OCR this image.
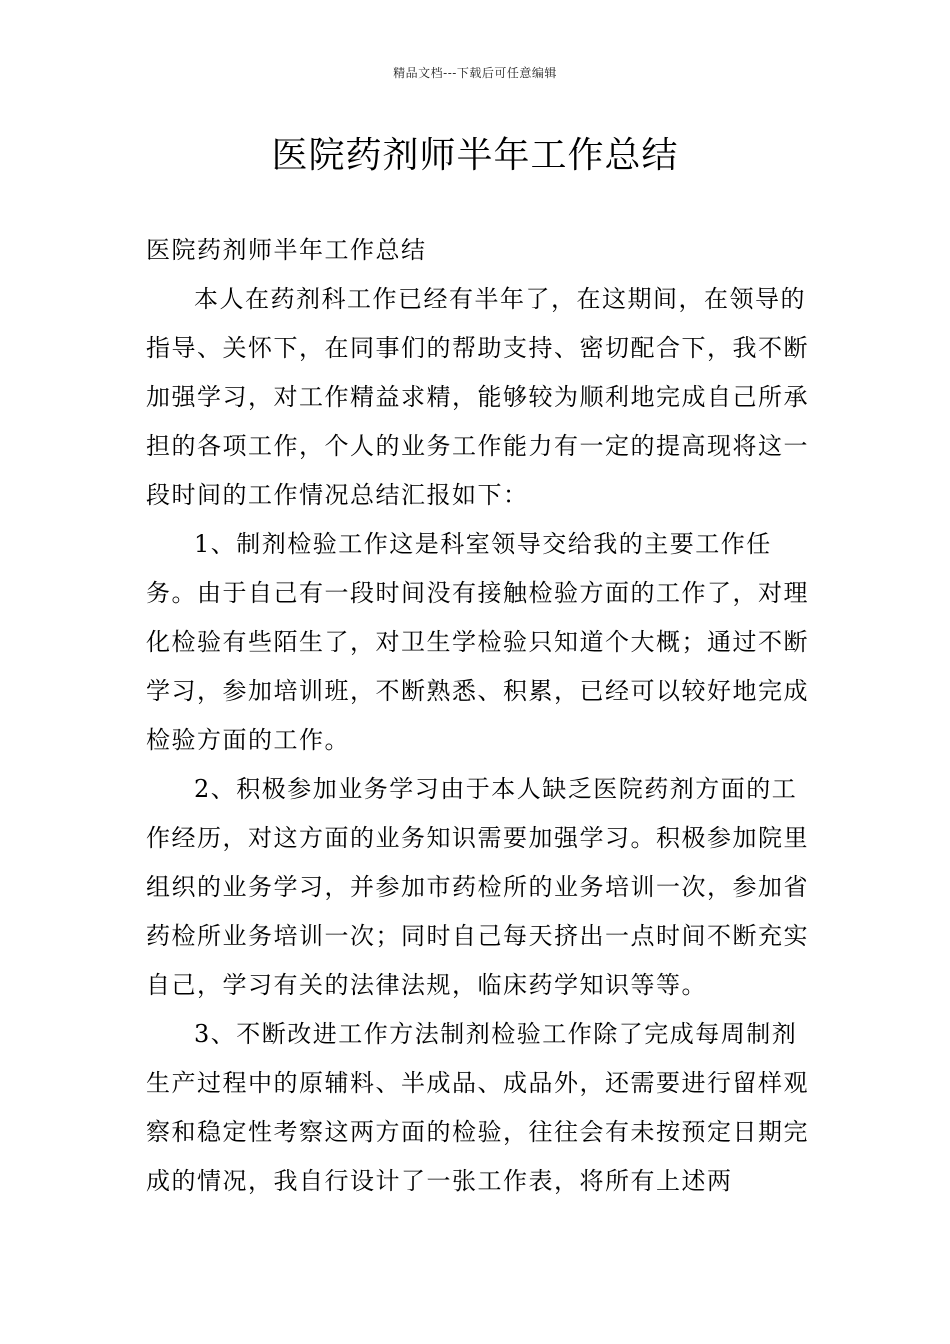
精品文档---下载后可任意编辑
医院药剂师半年工作总结

医院药剂师半年工作总结

本人在药剂科工作已经有半年了，在这期间，在领导的指导、关怀下，在同事们的帮助支持、密切配合下，我不断加强学习，对工作精益求精，能够较为顺利地完成自己所承担的各项工作，个人的业务工作能力有一定的提高现将这一段时间的工作情况总结汇报如下：

1、制剂检验工作这是科室领导交给我的主要工作任务。由于自己有一段时间没有接触检验方面的工作了，对理化检验有些陌生了，对卫生学检验只知道个大概；通过不断学习，参加培训班，不断熟悉、积累，已经可以较好地完成检验方面的工作。

2、积极参加业务学习由于本人缺乏医院药剂方面的工作经历，对这方面的业务知识需要加强学习。积极参加院里组织的业务学习，并参加市药检所的业务培训一次，参加省药检所业务培训一次；同时自己每天挤出一点时间不断充实自己，学习有关的法律法规，临床药学知识等等。

3、不断改进工作方法制剂检验工作除了完成每周制剂生产过程中的原辅料、半成品、成品外，还需要进行留样观察和稳定性考察这两方面的检验，往往会有未按预定日期完成的情况，我自行设计了一张工作表，将所有上述两
